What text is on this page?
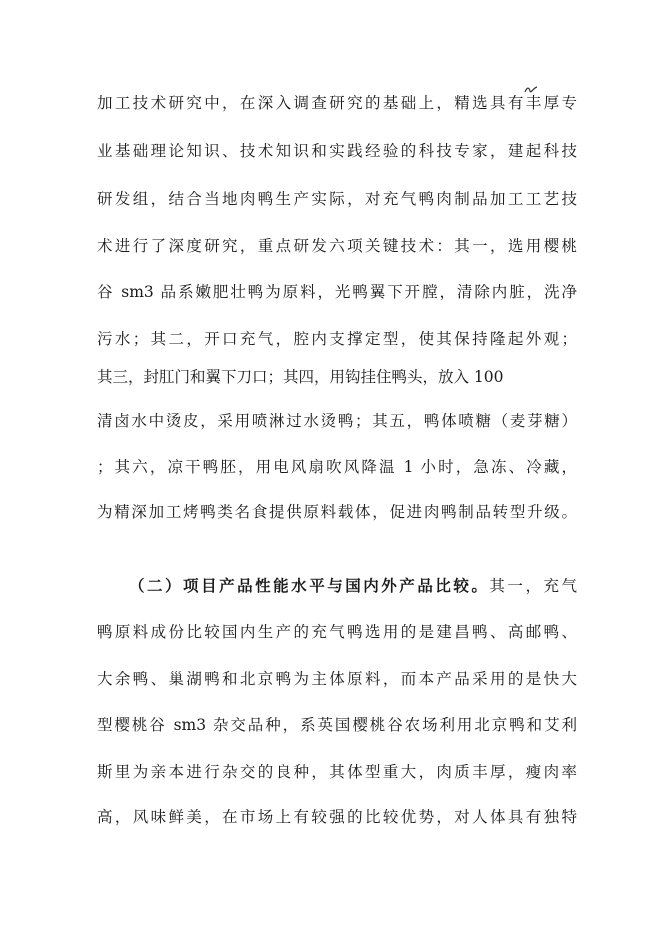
加工技术研究中，在深入调查研究的基础上，精选具有丰厚专
业基础理论知识、技术知识和实践经验的科技专家，建起科技
研发组，结合当地肉鸭生产实际，对充气鸭肉制品加工工艺技
术进行了深度研究，重点研发六项关键技术：其一，选用樱桃
谷 sm3 品系嫩肥壮鸭为原料，光鸭翼下开膛，清除内脏，洗净
污水；其二，开口充气，腔内支撑定型，使其保持隆起外观；
其三，封肛门和翼下刀口；其四，用钩挂住鸭头，放入 100
清卤水中烫皮，采用喷淋过水烫鸭；其五，鸭体喷糖（麦芽糖）
；其六，凉干鸭胚，用电风扇吹风降温 1 小时，急冻、冷藏，
为精深加工烤鸭类名食提供原料载体，促进肉鸭制品转型升级。
（二）项目产品性能水平与国内外产品比较。其一，充气
鸭原料成份比较国内生产的充气鸭选用的是建昌鸭、高邮鸭、
大余鸭、巢湖鸭和北京鸭为主体原料，而本产品采用的是快大
型樱桃谷 sm3 杂交品种，系英国樱桃谷农场利用北京鸭和艾利
斯里为亲本进行杂交的良种，其体型重大，肉质丰厚，瘦肉率
高，风味鲜美，在市场上有较强的比较优势，对人体具有独特
